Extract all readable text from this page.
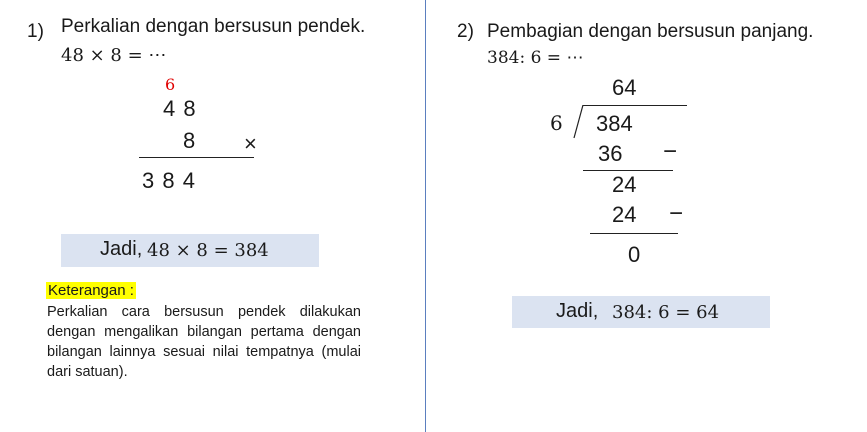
1) Perkalian dengan bersusun pendek.
48 × 8 = ⋯
6
4 8
8 ×
3 8 4
Jadi, 48 × 8 = 384
Keterangan :
Perkalian cara bersusun pendek dilakukan dengan mengalikan bilangan pertama dengan bilangan lainnya sesuai nilai tempatnya (mulai dari satuan).
2) Pembagian dengan bersusun panjang.
384: 6 = ⋯
64
6 384
36 −
24
24 −
0
Jadi, 384: 6 = 64
